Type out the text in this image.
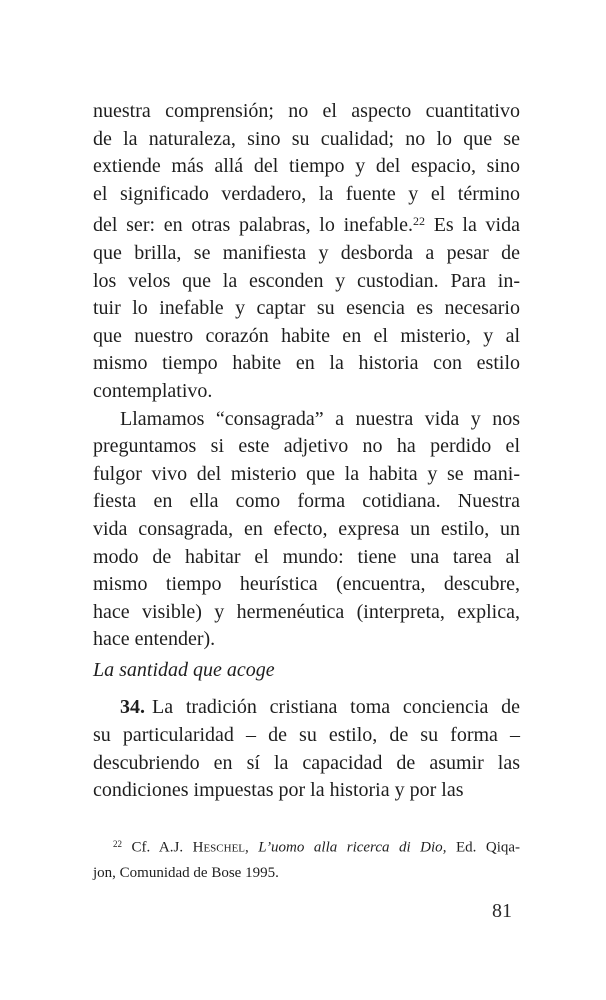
nuestra comprensión; no el aspecto cuantitativo
de la naturaleza, sino su cualidad; no lo que se
extiende más allá del tiempo y del espacio, sino
el significado verdadero, la fuente y el término
del ser: en otras palabras, lo inefable.$^{22}$ Es la vida
que brilla, se manifiesta y desborda a pesar de
los velos que la esconden y custodian. Para in-
tuir lo inefable y captar su esencia es necesario
que nuestro corazón habite en el misterio, y al
mismo tiempo habite en la historia con estilo
contemplativo.
Llamamos “consagrada” a nuestra vida y nos
preguntamos si este adjetivo no ha perdido el
fulgor vivo del misterio que la habita y se mani-
fiesta en ella como forma cotidiana. Nuestra
vida consagrada, en efecto, expresa un estilo, un
modo de habitar el mundo: tiene una tarea al
mismo tiempo heurística (encuentra, descubre,
hace visible) y hermenéutica (interpreta, explica,
hace entender).
La santidad que acoge
34. La tradición cristiana toma conciencia de
su particularidad – de su estilo, de su forma –
descubriendo en sí la capacidad de asumir las
condiciones impuestas por la historia y por las
$^{22}$ Cf. A.J. Heschel, L’uomo alla ricerca di Dio, Ed. Qiqa-
jon, Comunidad de Bose 1995.
81
